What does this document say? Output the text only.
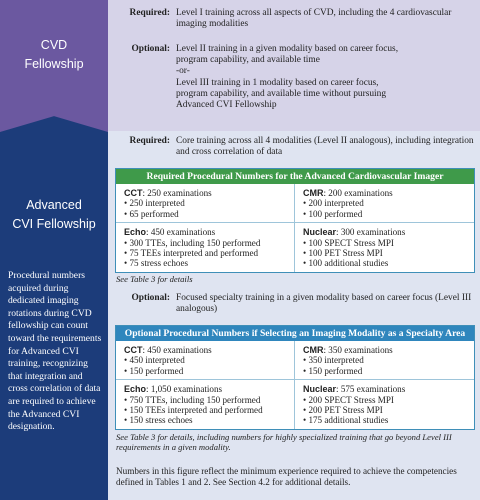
CVD
Fellowship
Advanced
CVI Fellowship
Procedural numbers acquired during dedicated imaging rotations during CVD fellowship can count toward the requirements for Advanced CVI training, recognizing that integration and cross correlation of data are required to achieve the Advanced CVI designation.
Required: Level I training across all aspects of CVD, including the 4 cardiovascular imaging modalities
Optional: Level II training in a given modality based on career focus,
program capability, and available time
-or-
Level III training in 1 modality based on career focus,
program capability, and available time without pursuing
Advanced CVI Fellowship
Required: Core training across all 4 modalities (Level II analogous), including integration and cross correlation of data
Required Procedural Numbers for the Advanced Cardiovascular Imager
CCT: 250 examinations
• 250 interpreted
• 65 performed
CMR: 200 examinations
• 200 interpreted
• 100 performed
Echo: 450 examinations
• 300 TTEs, including 150 performed
• 75 TEEs interpreted and performed
• 75 stress echoes
Nuclear: 300 examinations
• 100 SPECT Stress MPI
• 100 PET Stress MPI
• 100 additional studies
See Table 3 for details
Optional: Focused specialty training in a given modality based on career focus (Level III analogous)
Optional Procedural Numbers if Selecting an Imaging Modality as a Specialty Area
CCT: 450 examinations
• 450 interpreted
• 150 performed
CMR: 350 examinations
• 350 interpreted
• 150 performed
Echo: 1,050 examinations
• 750 TTEs, including 150 performed
• 150 TEEs interpreted and performed
• 150 stress echoes
Nuclear: 575 examinations
• 200 SPECT Stress MPI
• 200 PET Stress MPI
• 175 additional studies
See Table 3 for details, including numbers for highly specialized training that go beyond Level III requirements in a given modality.
Numbers in this figure reflect the minimum experience required to achieve the competencies defined in Tables 1 and 2. See Section 4.2 for additional details.
